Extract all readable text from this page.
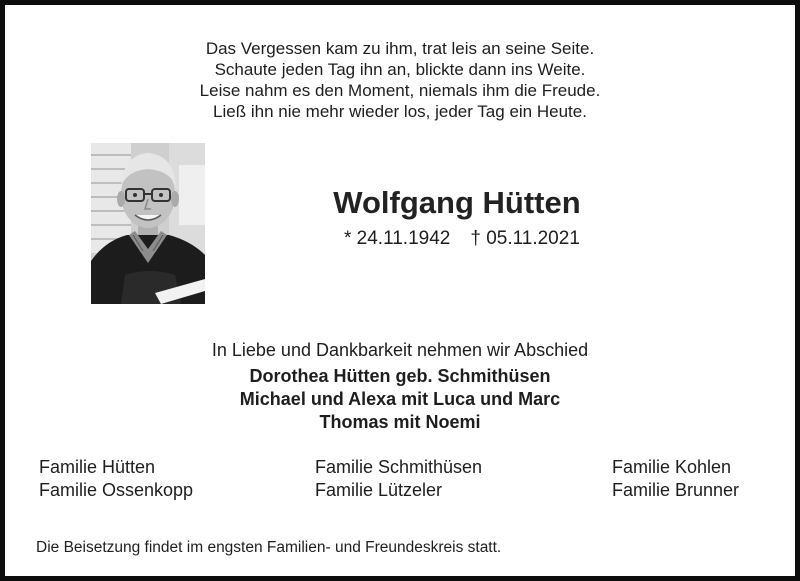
Das Vergessen kam zu ihm, trat leis an seine Seite.
Schaute jeden Tag ihn an, blickte dann ins Weite.
Leise nahm es den Moment, niemals ihm die Freude.
Ließ ihn nie mehr wieder los, jeder Tag ein Heute.
Wolfgang Hütten
* 24.11.1942 † 05.11.2021
In Liebe und Dankbarkeit nehmen wir Abschied
Dorothea Hütten geb. Schmithüsen
Michael und Alexa mit Luca und Marc
Thomas mit Noemi
Familie Hütten
Familie Ossenkopp
Familie Schmithüsen
Familie Lützeler
Familie Kohlen
Familie Brunner
Die Beisetzung findet im engsten Familien- und Freundeskreis statt.
